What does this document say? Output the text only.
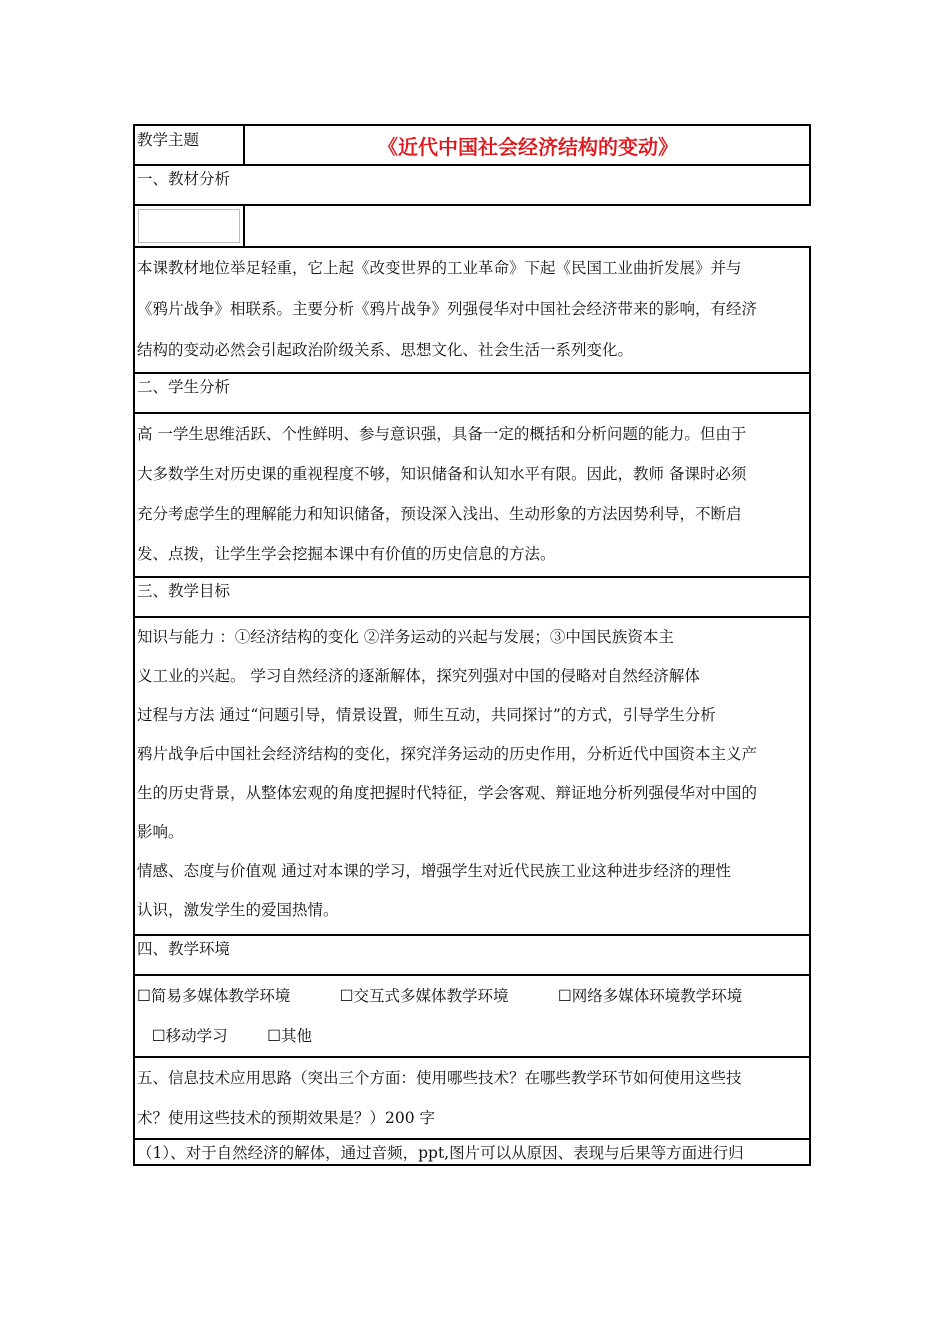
教学主题	《近代中国社会经济结构的变动》
一、教材分析
本课教材地位举足轻重，它上起《改变世界的工业革命》下起《民国工业曲折发展》并与
《鸦片战争》相联系。主要分析《鸦片战争》列强侵华对中国社会经济带来的影响，有经济
结构的变动必然会引起政治阶级关系、思想文化、社会生活一系列变化。
二、学生分析
高 一学生思维活跃、个性鲜明、参与意识强，具备一定的概括和分析问题的能力。但由于
大多数学生对历史课的重视程度不够，知识储备和认知水平有限。因此，教师 备课时必须
充分考虑学生的理解能力和知识储备，预设深入浅出、生动形象的方法因势利导，不断启
发、点拨，让学生学会挖掘本课中有价值的历史信息的方法。
三、教学目标
知识与能力 ：①经济结构的变化 ②洋务运动的兴起与发展；③中国民族资本主
义工业的兴起。 学习自然经济的逐渐解体，探究列强对中国的侵略对自然经济解体
过程与方法 通过“问题引导，情景设置，师生互动，共同探讨”的方式，引导学生分析
鸦片战争后中国社会经济结构的变化，探究洋务运动的历史作用，分析近代中国资本主义产
生的历史背景，从整体宏观的角度把握时代特征，学会客观、辩证地分析列强侵华对中国的
影响。
情感、态度与价值观 通过对本课的学习，增强学生对近代民族工业这种进步经济的理性
认识，激发学生的爱国热情。
四、教学环境
☐简易多媒体教学环境          ☐交互式多媒体教学环境          ☐网络多媒体环境教学环境
☐移动学习        ☐其他
五、信息技术应用思路（突出三个方面：使用哪些技术？在哪些教学环节如何使用这些技
术？使用这些技术的预期效果是？）200 字
（1）、对于自然经济的解体，通过音频，ppt,图片可以从原因、表现与后果等方面进行归
